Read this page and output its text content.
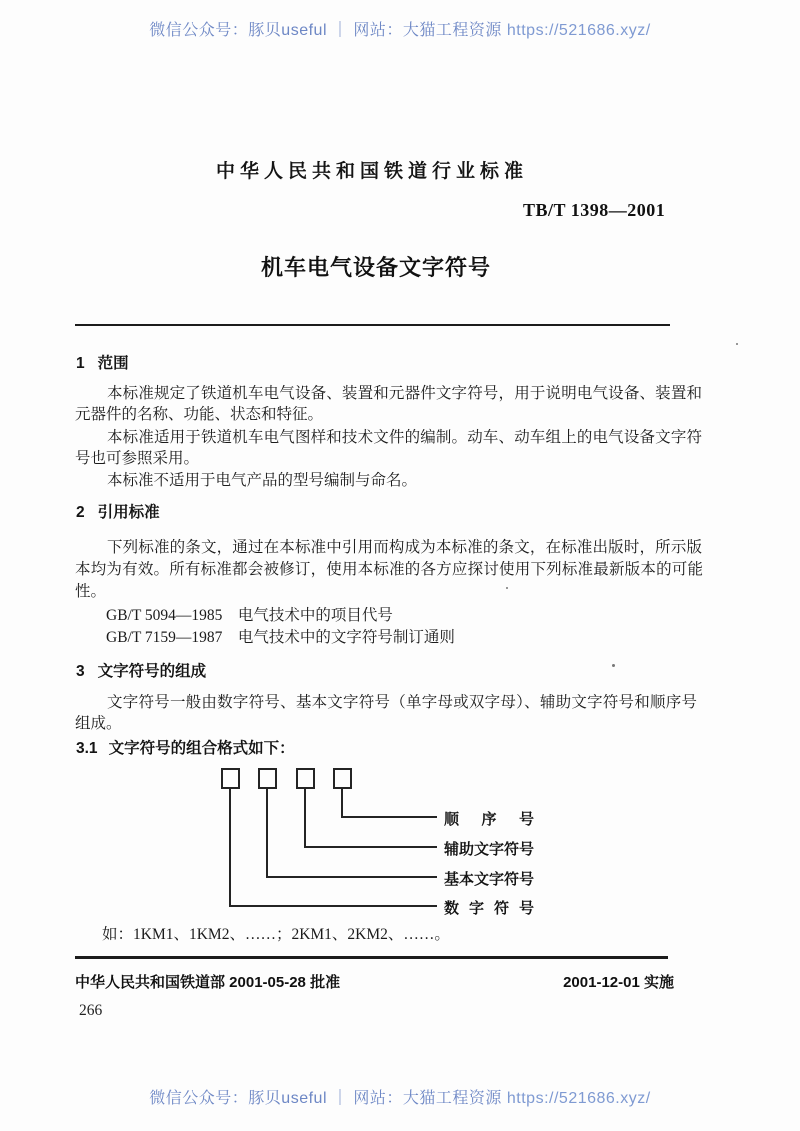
微信公众号：豚贝useful ｜ 网站：大猫工程资源 https://521686.xyz/
中华人民共和国铁道行业标准
TB/T 1398—2001
机车电气设备文字符号
1 范围
本标准规定了铁道机车电气设备、装置和元器件文字符号，用于说明电气设备、装置和
元器件的名称、功能、状态和特征。
本标准适用于铁道机车电气图样和技术文件的编制。动车、动车组上的电气设备文字符
号也可参照采用。
本标准不适用于电气产品的型号编制与命名。
2 引用标准
下列标准的条文，通过在本标准中引用而构成为本标准的条文，在标准出版时，所示版
本均为有效。所有标准都会被修订，使用本标准的各方应探讨使用下列标准最新版本的可能
性。
GB/T 5094—1985　电气技术中的项目代号
GB/T 7159—1987　电气技术中的文字符号制订通则
3 文字符号的组成
文字符号一般由数字符号、基本文字符号（单字母或双字母）、辅助文字符号和顺序号
组成。
3.1 文字符号的组合格式如下：
顺序号
辅助文字符号
基本文字符号
数字符号
如：1KM1、1KM2、……；2KM1、2KM2、……。
中华人民共和国铁道部 2001-05-28 批准	2001-12-01 实施
266
微信公众号：豚贝useful ｜ 网站：大猫工程资源 https://521686.xyz/
